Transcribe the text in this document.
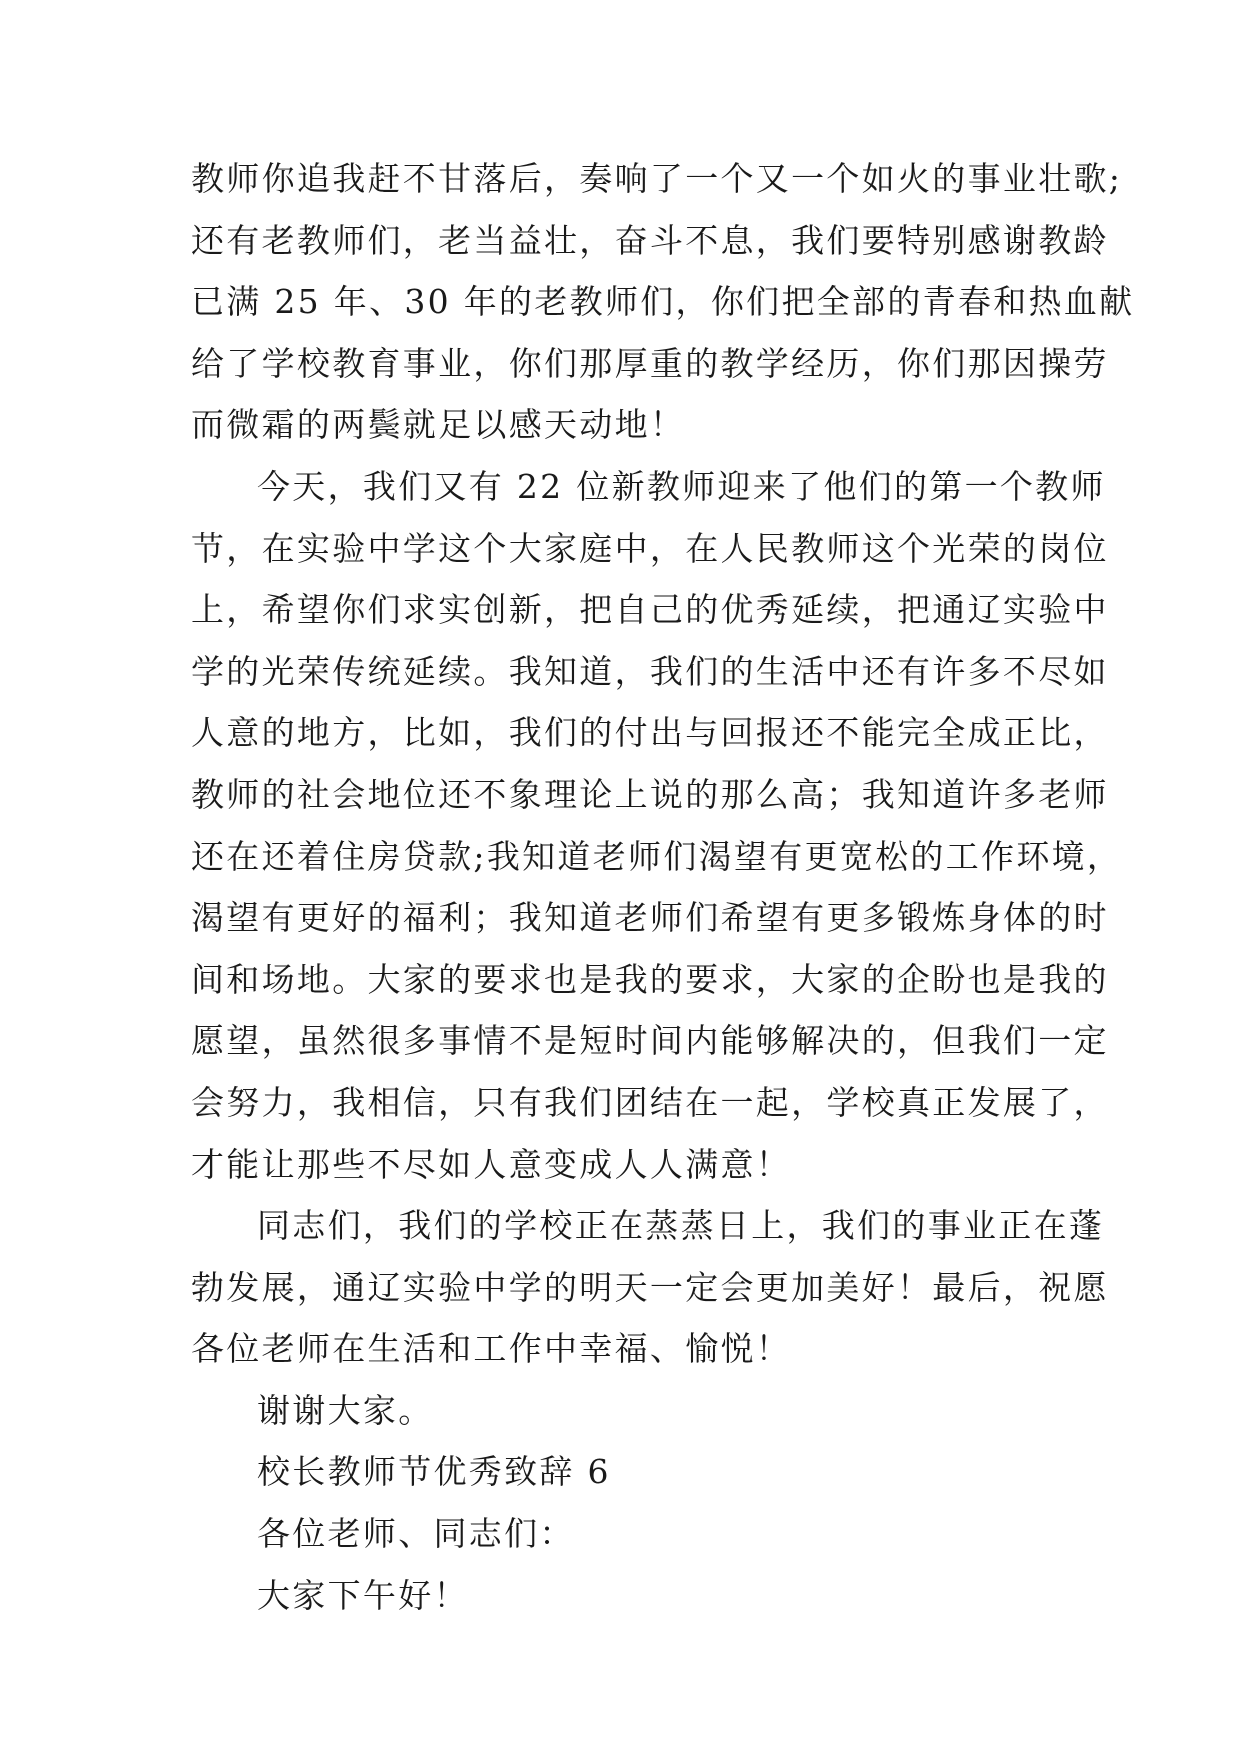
教师你追我赶不甘落后，奏响了一个又一个如火的事业壮歌;
还有老教师们，老当益壮，奋斗不息，我们要特别感谢教龄
已满 25 年、30 年的老教师们，你们把全部的青春和热血献
给了学校教育事业，你们那厚重的教学经历，你们那因操劳
而微霜的两鬓就足以感天动地！
今天，我们又有 22 位新教师迎来了他们的第一个教师
节，在实验中学这个大家庭中，在人民教师这个光荣的岗位
上，希望你们求实创新，把自己的优秀延续，把通辽实验中
学的光荣传统延续。我知道，我们的生活中还有许多不尽如
人意的地方，比如，我们的付出与回报还不能完全成正比，
教师的社会地位还不象理论上说的那么高；我知道许多老师
还在还着住房贷款;我知道老师们渴望有更宽松的工作环境，
渴望有更好的福利；我知道老师们希望有更多锻炼身体的时
间和场地。大家的要求也是我的要求，大家的企盼也是我的
愿望，虽然很多事情不是短时间内能够解决的，但我们一定
会努力，我相信，只有我们团结在一起，学校真正发展了，
才能让那些不尽如人意变成人人满意！
同志们，我们的学校正在蒸蒸日上，我们的事业正在蓬
勃发展，通辽实验中学的明天一定会更加美好！最后，祝愿
各位老师在生活和工作中幸福、愉悦！
谢谢大家。
校长教师节优秀致辞 6
各位老师、同志们：
大家下午好！
